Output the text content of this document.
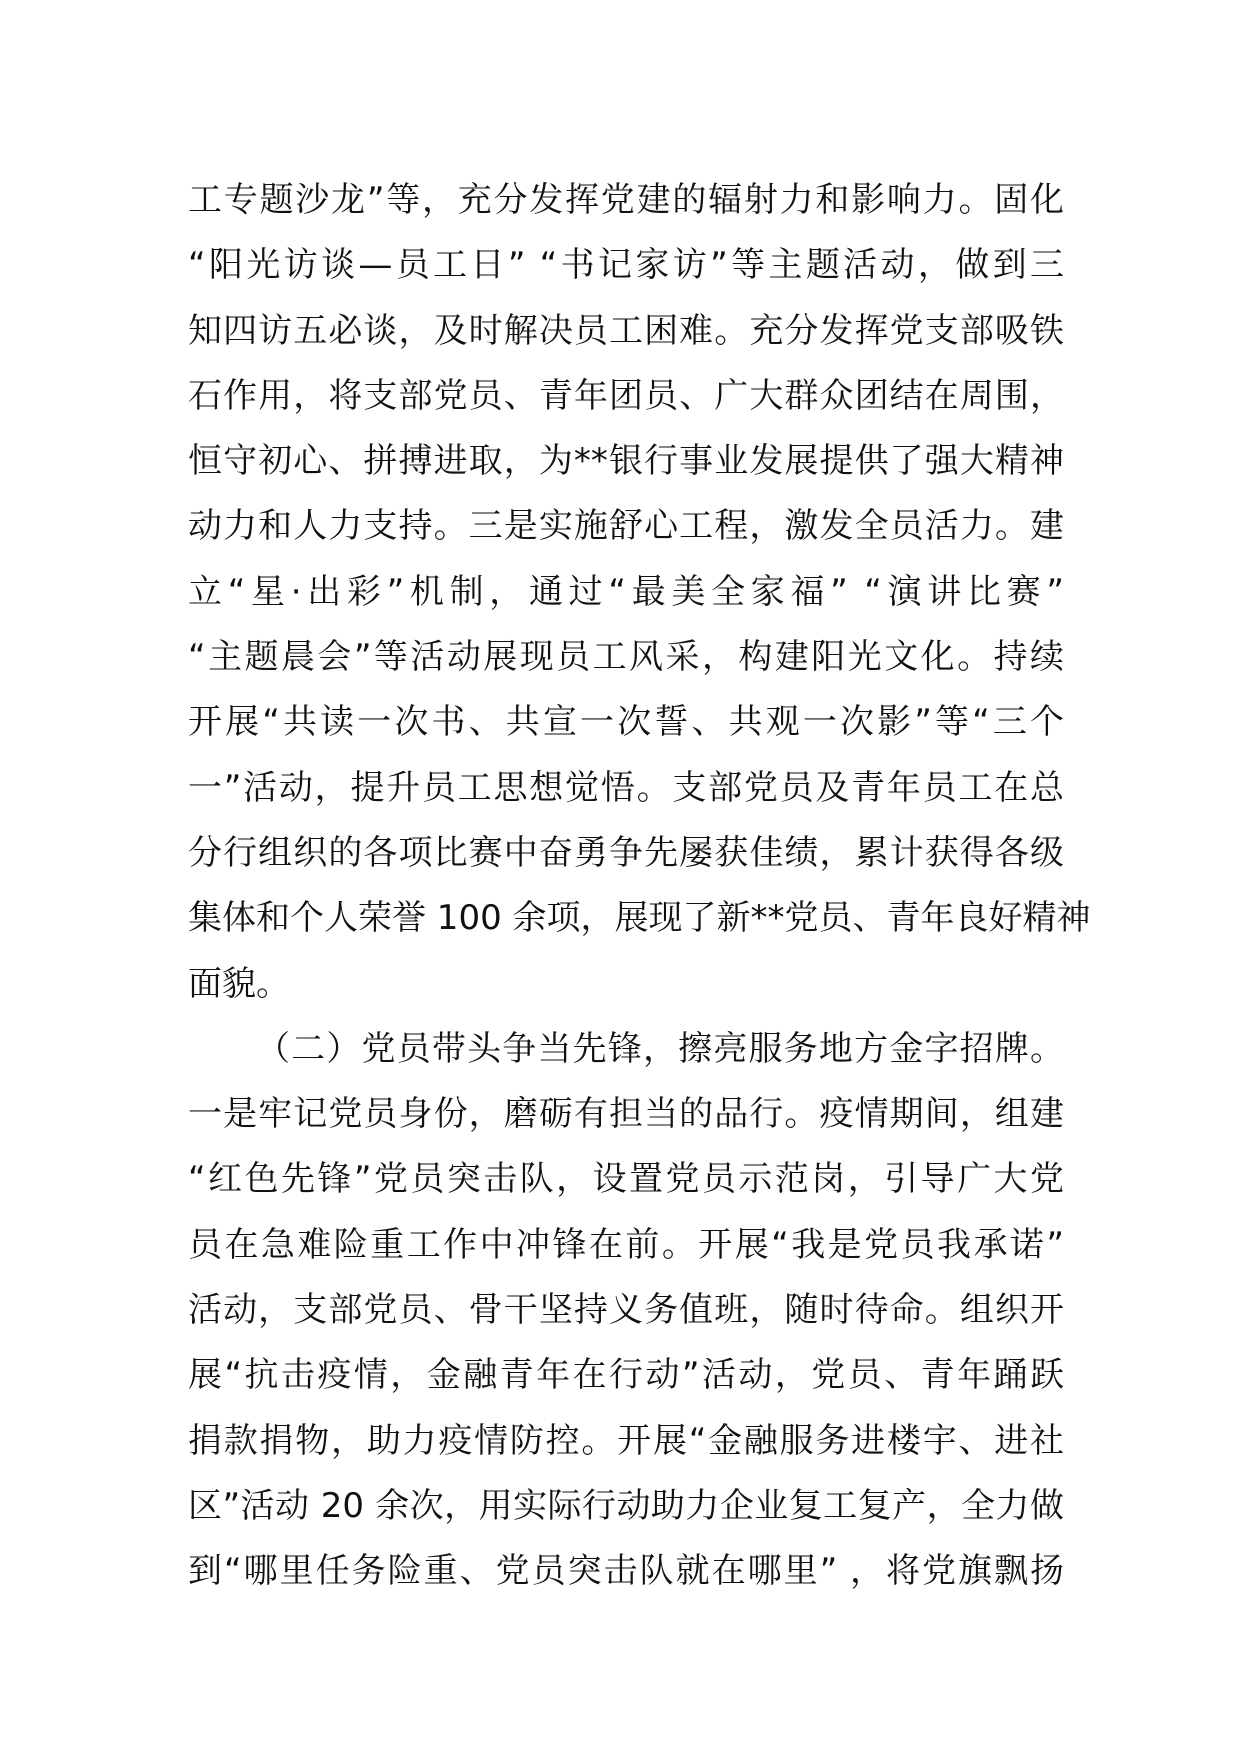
工专题沙龙”等，充分发挥党建的辐射力和影响力。固化
“阳光访谈—员工日” “书记家访”等主题活动，做到三
知四访五必谈，及时解决员工困难。充分发挥党支部吸铁
石作用，将支部党员、青年团员、广大群众团结在周围，
恒守初心、拼搏进取，为**银行事业发展提供了强大精神
动力和人力支持。三是实施舒心工程，激发全员活力。建
立“星·出彩”机制，通过“最美全家福” “演讲比赛”
“主题晨会”等活动展现员工风采，构建阳光文化。持续
开展“共读一次书、共宣一次誓、共观一次影”等“三个
一”活动，提升员工思想觉悟。支部党员及青年员工在总
分行组织的各项比赛中奋勇争先屡获佳绩，累计获得各级
集体和个人荣誉 100 余项，展现了新**党员、青年良好精神
面貌。
（二）党员带头争当先锋，擦亮服务地方金字招牌。
一是牢记党员身份，磨砺有担当的品行。疫情期间，组建
“红色先锋”党员突击队，设置党员示范岗，引导广大党
员在急难险重工作中冲锋在前。开展“我是党员我承诺”
活动，支部党员、骨干坚持义务值班，随时待命。组织开
展“抗击疫情，金融青年在行动”活动，党员、青年踊跃
捐款捐物，助力疫情防控。开展“金融服务进楼宇、进社
区”活动 20 余次，用实际行动助力企业复工复产，全力做
到“哪里任务险重、党员突击队就在哪里” ，将党旗飘扬
